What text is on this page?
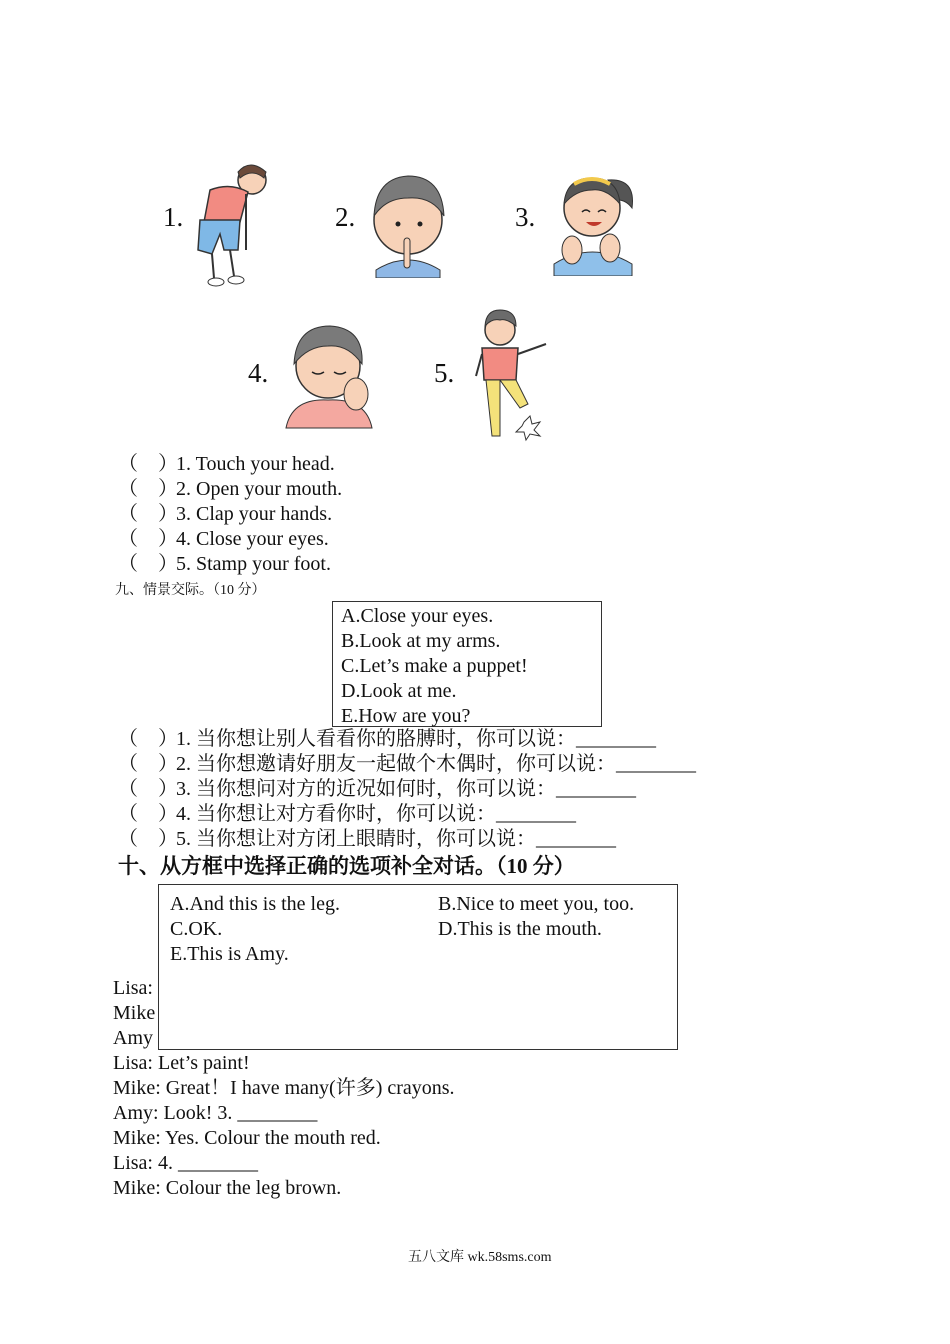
1.	2.	3.
4.	5.
（　）1. Touch your head.
（　）2. Open your mouth.
（　）3. Clap your hands.
（　）4. Close your eyes.
（　）5. Stamp your foot.
九、情景交际。（10 分）
A.Close your eyes.
B.Look at my arms.
C.Let’s make a puppet!
D.Look at me.
E.How are you?
（　）1. 当你想让别人看看你的胳膊时，你可以说：________
（　）2. 当你想邀请好朋友一起做个木偶时，你可以说：________
（　）3. 当你想问对方的近况如何时，你可以说：________
（　）4. 当你想让对方看你时，你可以说：________
（　）5. 当你想让对方闭上眼睛时，你可以说：________
十、从方框中选择正确的选项补全对话。（10 分）
Lisa:
Mike
Amy
A.And this is the leg.	B.Nice to meet you, too.
C.OK.	D.This is the mouth.
E.This is Amy.
Lisa: Let’s paint!
Mike: Great！I have many(许多) crayons.
Amy: Look! 3. ________
Mike: Yes. Colour the mouth red.
Lisa: 4. ________
Mike: Colour the leg brown.
五八文库 wk.58sms.com
